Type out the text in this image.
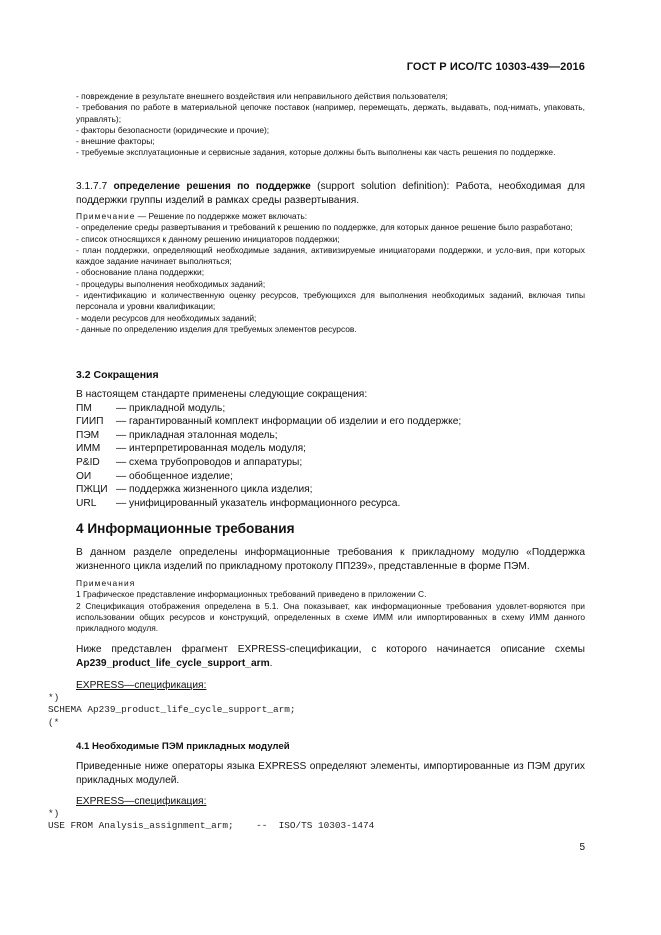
ГОСТ Р ИСО/ТС 10303-439—2016

- повреждение в результате внешнего воздействия или неправильного действия пользователя;

- требования по работе в материальной цепочке поставок (например, перемещать, держать, выдавать, под-нимать, упаковать, управлять);

- факторы безопасности (юридические и прочие);

- внешние факторы;

- требуемые эксплуатационные и сервисные задания, которые должны быть выполнены как часть решения по поддержке.

3.1.7.7 определение решения по поддержке (support solution definition): Работа, необходимая для поддержки группы изделий в рамках среды развертывания.

Примечание — Решение по поддержке может включать:

- определение среды развертывания и требований к решению по поддержке, для которых данное решение было разработано;

- список относящихся к данному решению инициаторов поддержки;

- план поддержки, определяющий необходимые задания, активизируемые инициаторами поддержки, и усло-вия, при которых каждое задание начинает выполняться;

- обоснование плана поддержки;

- процедуры выполнения необходимых заданий;

- идентификацию и количественную оценку ресурсов, требующихся для выполнения необходимых заданий, включая типы персонала и уровни квалификации;

- модели ресурсов для необходимых заданий;

- данные по определению изделия для требуемых элементов ресурсов.

3.2 Сокращения

В настоящем стандарте применены следующие сокращения:

ПМ	— прикладной модуль;
ГИИП	— гарантированный комплект информации об изделии и его поддержке;
ПЭМ	— прикладная эталонная модель;
ИММ	— интерпретированная модель модуля;
P&ID	— схема трубопроводов и аппаратуры;
ОИ	— обобщенное изделие;
ПЖЦИ — поддержка жизненного цикла изделия;
URL	— унифицированный указатель информационного ресурса.
4 Информационные требования

В данном разделе определены информационные требования к прикладному модулю «Поддержка жизненного цикла изделий по прикладному протоколу ПП239», представленные в форме ПЭМ.

Примечания

1 Графическое представление информационных требований приведено в приложении С.

2 Спецификация отображения определена в 5.1. Она показывает, как информационные требования удовлет-воряются при использовании общих ресурсов и конструкций, определенных в схеме ИММ или импортированных в схему ИММ данного прикладного модуля.

Ниже представлен фрагмент EXPRESS-спецификации, с которого начинается описание схемы Ap239_product_life_cycle_support_arm.

EXPRESS—спецификация:
*)
SCHEMA Ap239_product_life_cycle_support_arm;
(*
4.1 Необходимые ПЭМ прикладных модулей

Приведенные ниже операторы языка EXPRESS определяют элементы, импортированные из ПЭМ других прикладных модулей.

EXPRESS—спецификация:
*)
USE FROM Analysis_assignment_arm;    --  ISO/TS 10303-1474
5
